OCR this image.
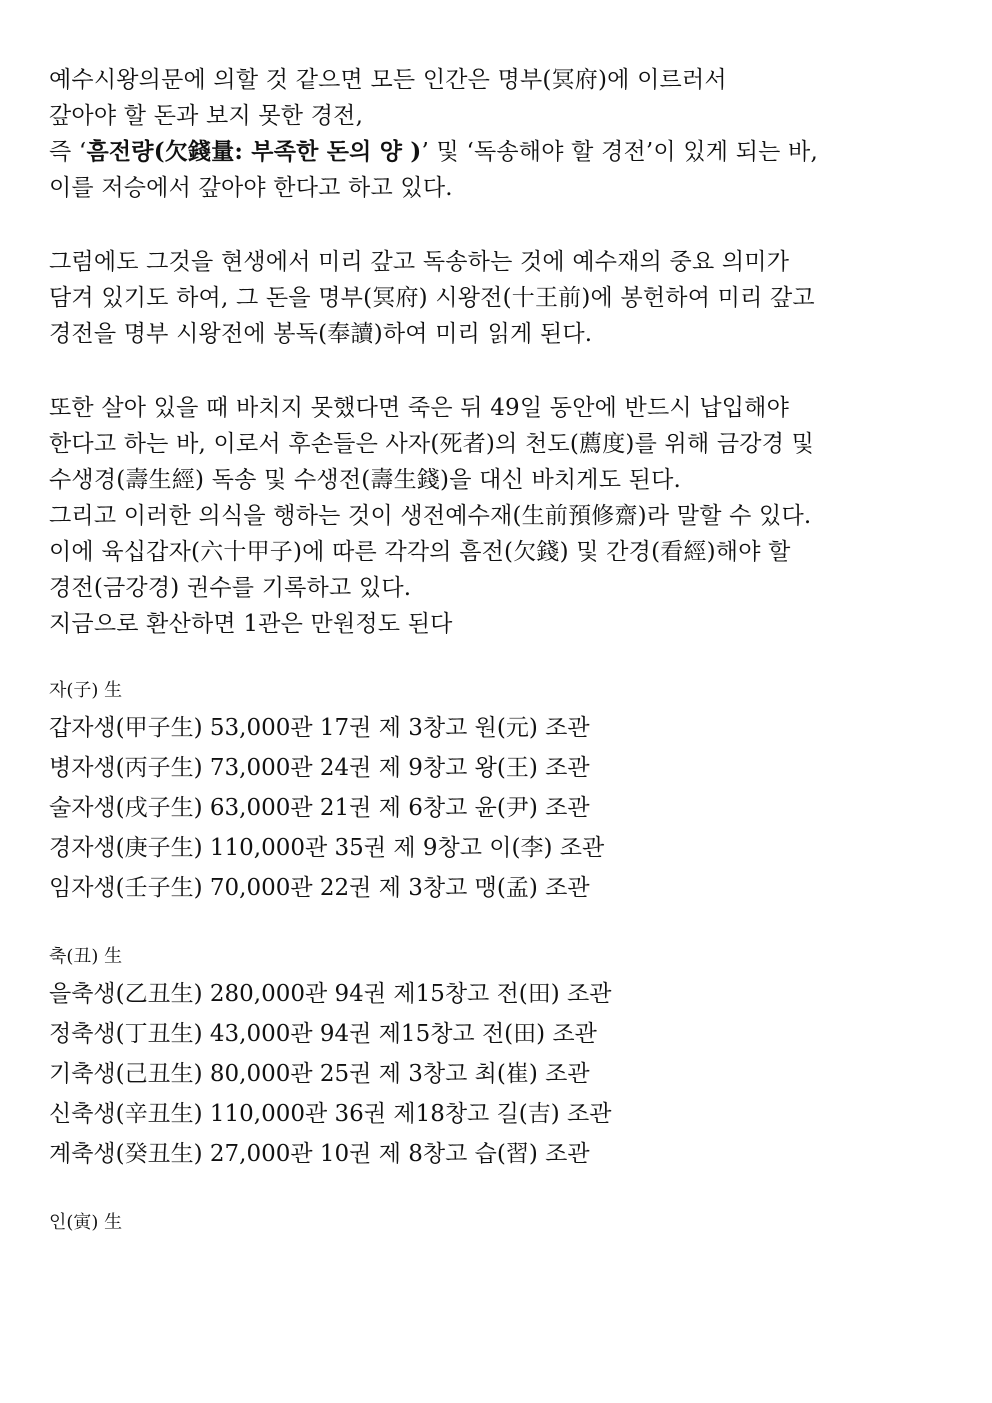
예수시왕의문에 의할 것 같으면 모든 인간은 명부(冥府)에 이르러서
갚아야 할 돈과 보지 못한 경전,
즉 ‘흠전량(欠錢量: 부족한 돈의 양 )’ 및 ‘독송해야 할 경전’이 있게 되는 바,
이를 저승에서 갚아야 한다고 하고 있다.
그럼에도 그것을 현생에서 미리 갚고 독송하는 것에 예수재의 중요 의미가
담겨 있기도 하여, 그 돈을 명부(冥府) 시왕전(十王前)에 봉헌하여 미리 갚고
경전을 명부 시왕전에 봉독(奉讀)하여 미리 읽게 된다.
또한 살아 있을 때 바치지 못했다면 죽은 뒤 49일 동안에 반드시 납입해야
한다고 하는 바, 이로서 후손들은 사자(死者)의 천도(薦度)를 위해 금강경 및
수생경(壽生經) 독송 및 수생전(壽生錢)을 대신 바치게도 된다.
그리고 이러한 의식을 행하는 것이 생전예수재(生前預修齋)라 말할 수 있다.
이에 육십갑자(六十甲子)에 따른 각각의 흠전(欠錢) 및 간경(看經)해야 할
경전(금강경) 권수를 기록하고 있다.
지금으로 환산하면 1관은 만원정도 된다
자(子) 生
갑자생(甲子生) 53,000관 17권 제 3창고 원(元) 조관
병자생(丙子生) 73,000관 24권 제 9창고 왕(王) 조관
술자생(戌子生) 63,000관 21권 제 6창고 윤(尹) 조관
경자생(庚子生) 110,000관 35권 제 9창고 이(李) 조관
임자생(壬子生) 70,000관 22권 제 3창고 맹(孟) 조관
축(丑) 生
을축생(乙丑生) 280,000관 94권 제15창고 전(田) 조관
정축생(丁丑生) 43,000관 94권 제15창고 전(田) 조관
기축생(己丑生) 80,000관 25권 제 3창고 최(崔) 조관
신축생(辛丑生) 110,000관 36권 제18창고 길(吉) 조관
계축생(癸丑生) 27,000관 10권 제 8창고 습(習) 조관
인(寅) 生
